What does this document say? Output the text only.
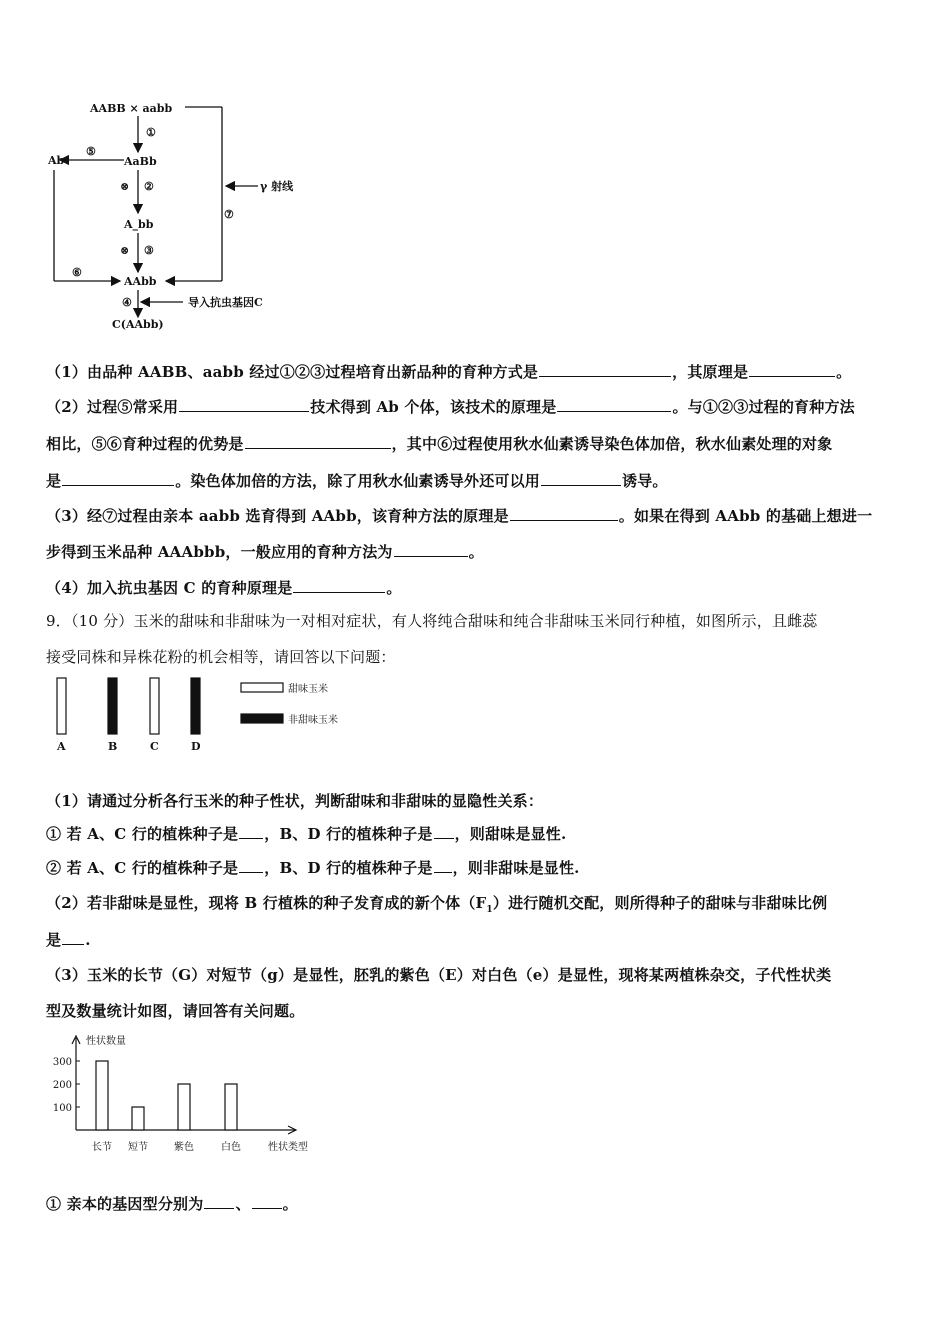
AABB × aabb
①
AaBb
⊗ ②
A_bb
⊗ ③
AAbb
④	导入抗虫基因C
C(AAbb)
⑤
Ab
⑥
γ 射线
⑦
（1）由品种 AABB、aabb 经过①②③过程培育出新品种的育种方式是	，其原理是	。
（2）过程⑤常采用	技术得到 Ab 个体，该技术的原理是	。与①②③过程的育种方法
相比，⑤⑥育种过程的优势是	，其中⑥过程使用秋水仙素诱导染色体加倍，秋水仙素处理的对象
是	。染色体加倍的方法，除了用秋水仙素诱导外还可以用	诱导。
（3）经⑦过程由亲本 aabb 选育得到 AAbb，该育种方法的原理是	。如果在得到 AAbb 的基础上想进一
步得到玉米品种 AAAbbb，一般应用的育种方法为	。
（4）加入抗虫基因 C 的育种原理是	。
9．（10 分）玉米的甜味和非甜味为一对相对症状，有人将纯合甜味和纯合非甜味玉米同行种植，如图所示，且雌蕊
接受同株和异株花粉的机会相等，请回答以下问题：
A	B	C	D
甜味玉米
非甜味玉米
（1）请通过分析各行玉米的种子性状，判断甜味和非甜味的显隐性关系：
① 若 A、C 行的植株种子是 ，B、D 行的植株种子是 ，则甜味是显性.
② 若 A、C 行的植株种子是 ，B、D 行的植株种子是 ，则非甜味是显性.
（2）若非甜味是显性，现将 B 行植株的种子发育成的新个体$(F_1)$进行随机交配，则所得种子的甜味与非甜味比例
是 .
（3）玉米的长节（G）对短节（g）是显性，胚乳的紫色（E）对白色（e）是显性，现将某两植株杂交，子代性状类
型及数量统计如图，请回答有关问题。
性状数量
性状类型
100
200
300
长节 短节	紫色	白色
① 亲本的基因型分别为 、 。
